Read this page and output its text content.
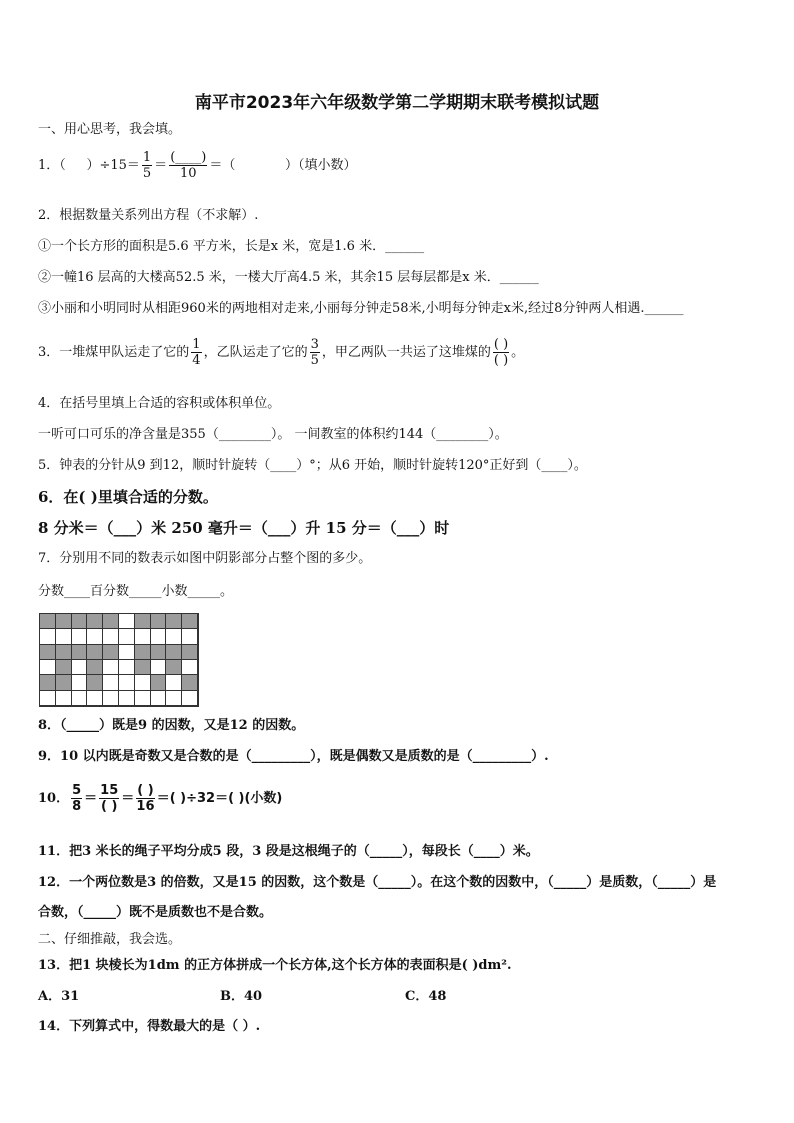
南平市2023年六年级数学第二学期期末联考模拟试题
一、用心思考，我会填。
1．（ ）$\div 15= \frac{1}{5} = \frac{(\_\_\_\_)}{10}$ ＝（	）（填小数）
2．根据数量关系列出方程（不求解）.
①一个长方形的面积是5.6 平方米，长是x 米，宽是1.6 米．______
②一幢16 层高的大楼高52.5 米，一楼大厅高4.5 米，其余15 层每层都是x 米．______
③小丽和小明同时从相距960米的两地相对走来,小丽每分钟走58米,小明每分钟走x米,经过8分钟两人相遇.______
3．一堆煤甲队运走了它的 $\frac{1}{4}$ ，乙队运走了它的 $\frac{3}{5}$ ，甲乙两队一共运了这堆煤的 $\frac{( )}{( )}$ 。
4．在括号里填上合适的容积或体积单位。
一听可口可乐的净含量是355（________）。 一间教室的体积约144（________）。
5．钟表的分针从9 到12，顺时针旋转（____）°；从6 开始，顺时针旋转120°正好到（____）。
6．在( )里填合适的分数。
8 分米＝（___）米 250 毫升＝（___）升 15 分＝（___）时
7．分别用不同的数表示如图中阴影部分占整个图的多少。
分数____百分数_____小数_____。
8．（_____）既是9 的因数，又是12 的因数。
9．10 以内既是奇数又是合数的是（_________），既是偶数又是质数的是（_________）.
10． $\frac{5}{8} = \frac{15}{( )} = \frac{( )}{16}$ ＝( )÷32＝( )(小数)
11．把3 米长的绳子平均分成5 段，3 段是这根绳子的（_____），每段长（____）米。
12．一个两位数是3 的倍数，又是15 的因数，这个数是（_____）。在这个数的因数中，（_____）是质数，（_____）是
合数，（_____）既不是质数也不是合数。
二、仔细推敲，我会选。
13．把1 块棱长为1dm 的正方体拼成一个长方体,这个长方体的表面积是( )dm².
A．31	B．40	C．48
14．下列算式中，得数最大的是（ ）.
